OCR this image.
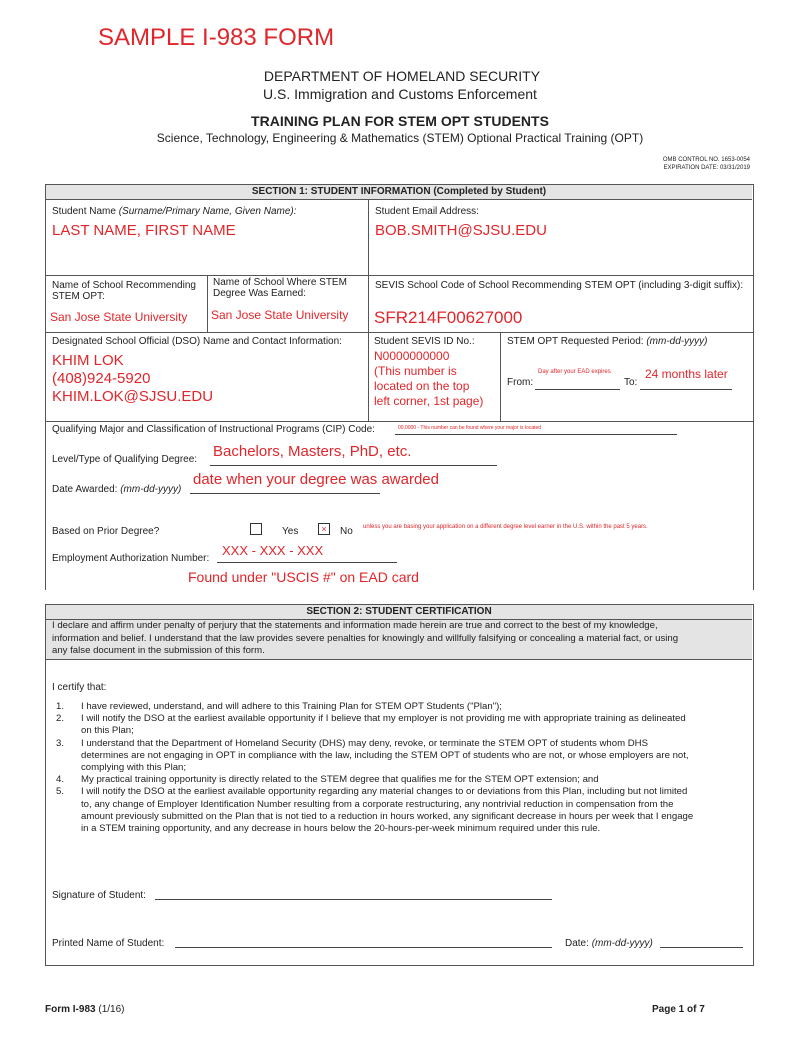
SAMPLE I-983 FORM
DEPARTMENT OF HOMELAND SECURITY
U.S. Immigration and Customs Enforcement
TRAINING PLAN FOR STEM OPT STUDENTS
Science, Technology, Engineering & Mathematics (STEM) Optional Practical Training (OPT)
OMB CONTROL NO. 1653-0054
EXPIRATION DATE: 03/31/2019
SECTION 1: STUDENT INFORMATION (Completed by Student)
Student Name (Surname/Primary Name, Given Name):
LAST NAME, FIRST NAME
Student Email Address:
BOB.SMITH@SJSU.EDU
Name of School Recommending STEM OPT:
San Jose State University
Name of School Where STEM Degree Was Earned:
San Jose State University
SEVIS School Code of School Recommending STEM OPT (including 3-digit suffix):
SFR214F00627000
Designated School Official (DSO) Name and Contact Information:
KHIM LOK
(408)924-5920
KHIM.LOK@SJSU.EDU
Student SEVIS ID No.:
N0000000000
(This number is
located on the top
left corner, 1st page)
STEM OPT Requested Period: (mm-dd-yyyy)
From:
Day after your EAD expires
To:
24 months later
Qualifying Major and Classification of Instructional Programs (CIP) Code:	00.0000 - This number can be found where your major is located
Level/Type of Qualifying Degree: Bachelors, Masters, PhD, etc.
Date Awarded: (mm-dd-yyyy)
date when your degree was awarded
Based on Prior Degree?	Yes	×	No unless you are basing your application on a different degree level earner in the U.S. within the past 5 years.
Employment Authorization Number:
XXX - XXX - XXX
Found under "USCIS #" on EAD card
SECTION 2: STUDENT CERTIFICATION
I declare and affirm under penalty of perjury that the statements and information made herein are true and correct to the best of my knowledge,
information and belief. I understand that the law provides severe penalties for knowingly and willfully falsifying or concealing a material fact, or using
any false document in the submission of this form.
I certify that:
1. I have reviewed, understand, and will adhere to this Training Plan for STEM OPT Students ("Plan");
2. I will notify the DSO at the earliest available opportunity if I believe that my employer is not providing me with appropriate training as delineated
on this Plan;
3. I understand that the Department of Homeland Security (DHS) may deny, revoke, or terminate the STEM OPT of students whom DHS
determines are not engaging in OPT in compliance with the law, including the STEM OPT of students who are not, or whose employers are not,
complying with this Plan;
4. My practical training opportunity is directly related to the STEM degree that qualifies me for the STEM OPT extension; and
5. I will notify the DSO at the earliest available opportunity regarding any material changes to or deviations from this Plan, including but not limited
to, any change of Employer Identification Number resulting from a corporate restructuring, any nontrivial reduction in compensation from the
amount previously submitted on the Plan that is not tied to a reduction in hours worked, any significant decrease in hours per week that I engage
in a STEM training opportunity, and any decrease in hours below the 20-hours-per-week minimum required under this rule.
Signature of Student:
Printed Name of Student:	Date: (mm-dd-yyyy)
Form I-983 (1/16)	Page 1 of 7
